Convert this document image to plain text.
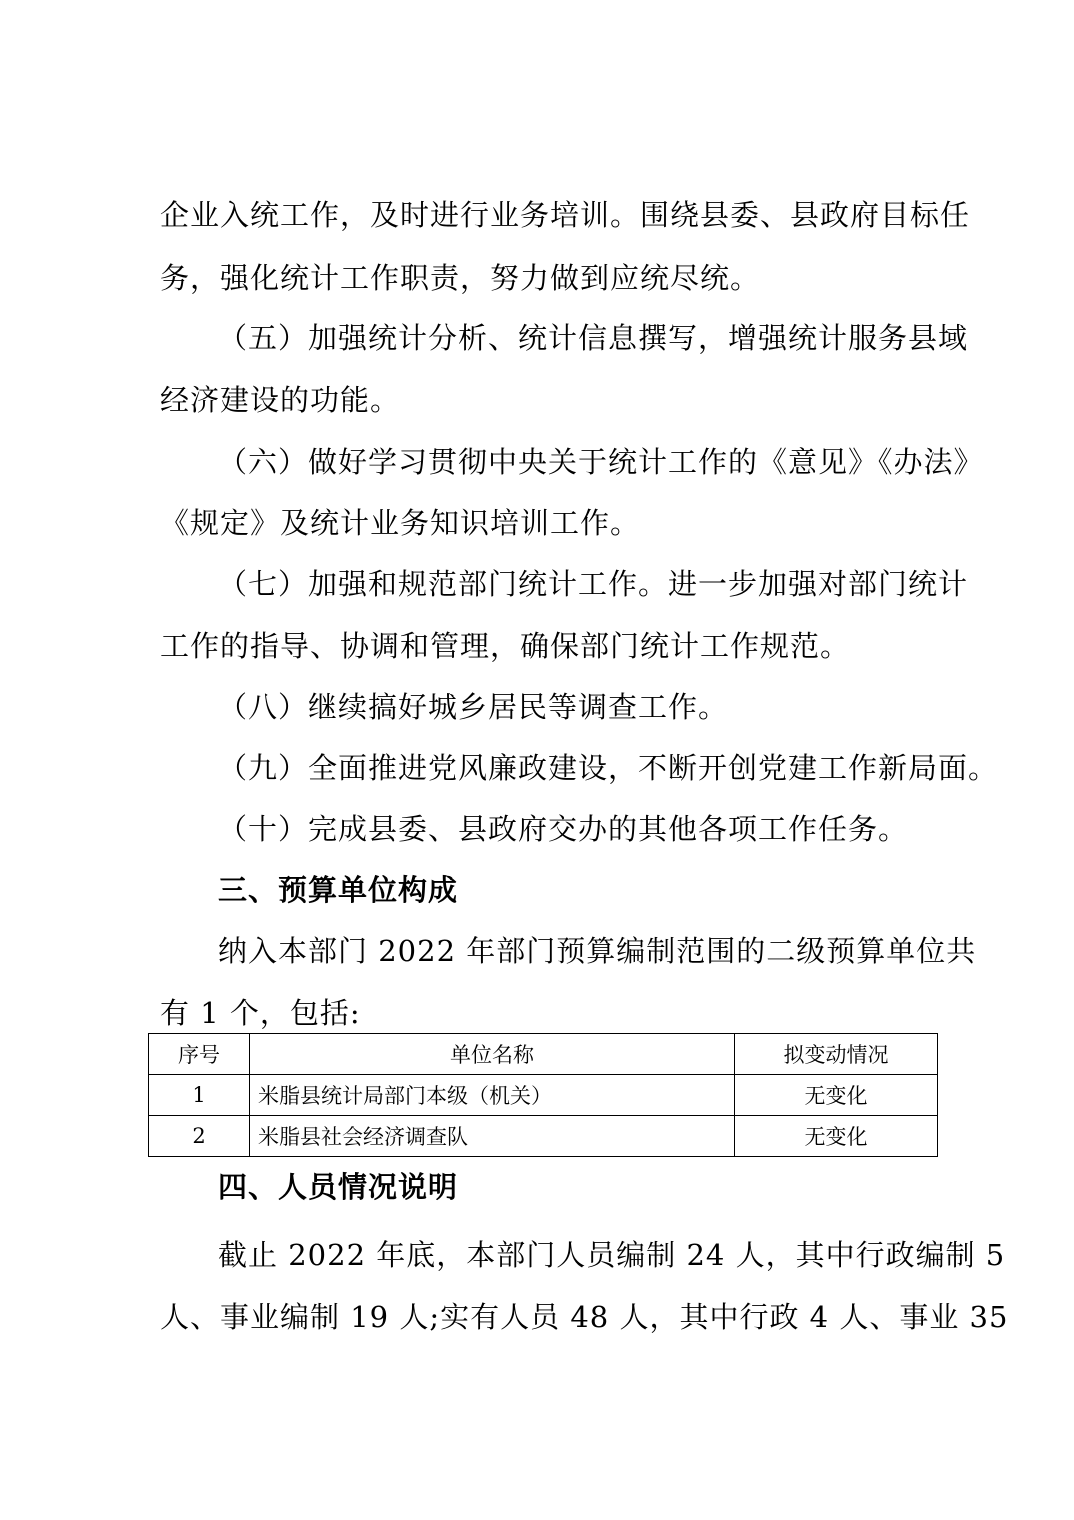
企业入统工作，及时进行业务培训。围绕县委、县政府目标任
务，强化统计工作职责，努力做到应统尽统。
（五）加强统计分析、统计信息撰写，增强统计服务县域
经济建设的功能。
（六）做好学习贯彻中央关于统计工作的《意见》《办法》
《规定》及统计业务知识培训工作。
（七）加强和规范部门统计工作。进一步加强对部门统计
工作的指导、协调和管理，确保部门统计工作规范。
（八）继续搞好城乡居民等调查工作。
（九）全面推进党风廉政建设，不断开创党建工作新局面。
（十）完成县委、县政府交办的其他各项工作任务。
三、预算单位构成
纳入本部门 2022 年部门预算编制范围的二级预算单位共
有 1 个，包括:
序号	单位名称	拟变动情况
1	米脂县统计局部门本级（机关）	无变化
2	米脂县社会经济调查队	无变化
四、人员情况说明
截止 2022 年底，本部门人员编制 24 人，其中行政编制 5
人、事业编制 19 人;实有人员 48 人，其中行政 4 人、事业 35
